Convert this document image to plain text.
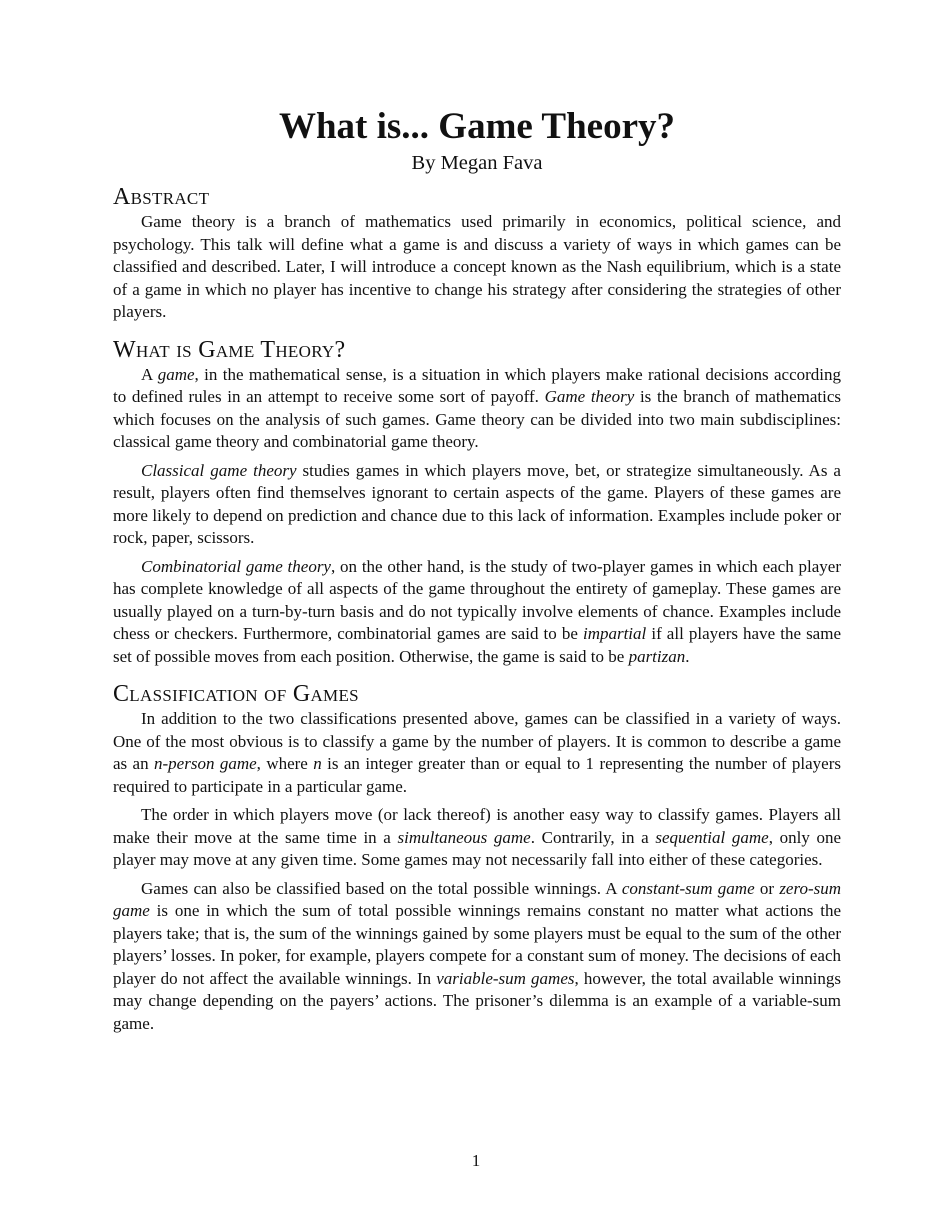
What is... Game Theory?
By Megan Fava
Abstract

Game theory is a branch of mathematics used primarily in economics, political science, and psychology. This talk will define what a game is and discuss a variety of ways in which games can be classified and described. Later, I will introduce a concept known as the Nash equilibrium, which is a state of a game in which no player has incentive to change his strategy after considering the strategies of other players.

What is Game Theory?

A game, in the mathematical sense, is a situation in which players make rational decisions according to defined rules in an attempt to receive some sort of payoff. Game theory is the branch of mathematics which focuses on the analysis of such games. Game theory can be divided into two main subdisciplines: classical game theory and combinatorial game theory.

Classical game theory studies games in which players move, bet, or strategize simultaneously. As a result, players often find themselves ignorant to certain aspects of the game. Players of these games are more likely to depend on prediction and chance due to this lack of information. Examples include poker or rock, paper, scissors.

Combinatorial game theory, on the other hand, is the study of two-player games in which each player has complete knowledge of all aspects of the game throughout the entirety of gameplay. These games are usually played on a turn-by-turn basis and do not typically involve elements of chance. Examples include chess or checkers. Furthermore, combinatorial games are said to be impartial if all players have the same set of possible moves from each position. Otherwise, the game is said to be partizan.

Classification of Games

In addition to the two classifications presented above, games can be classified in a variety of ways. One of the most obvious is to classify a game by the number of players. It is common to describe a game as an n-person game, where n is an integer greater than or equal to 1 representing the number of players required to participate in a particular game.

The order in which players move (or lack thereof) is another easy way to classify games. Players all make their move at the same time in a simultaneous game. Contrarily, in a sequential game, only one player may move at any given time. Some games may not necessarily fall into either of these categories.

Games can also be classified based on the total possible winnings. A constant-sum game or zero-sum game is one in which the sum of total possible winnings remains constant no matter what actions the players take; that is, the sum of the winnings gained by some players must be equal to the sum of the other players’ losses. In poker, for example, players compete for a constant sum of money. The decisions of each player do not affect the available winnings. In variable-sum games, however, the total available winnings may change depending on the payers’ actions. The prisoner’s dilemma is an example of a variable-sum game.

1
